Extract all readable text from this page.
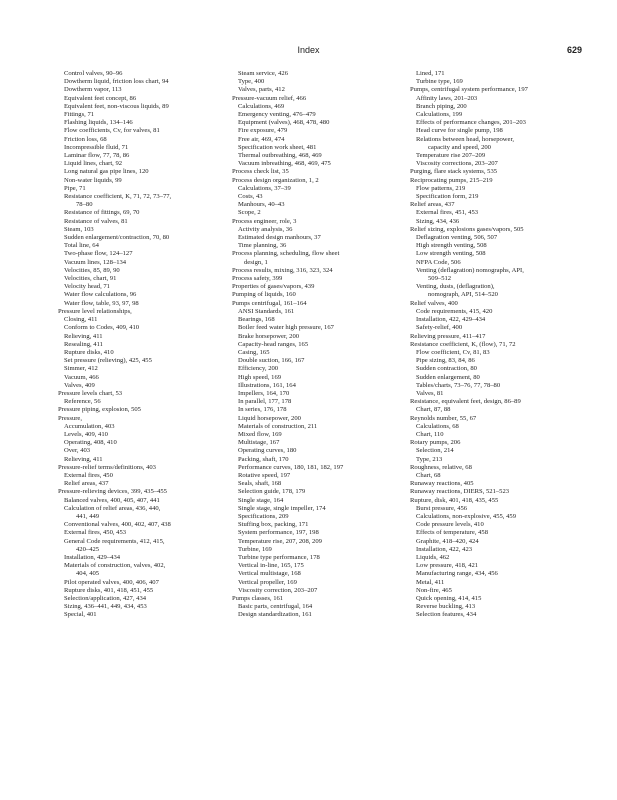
Index	629
Control valves, 90–96
Dowtherm liquid, friction loss chart, 94
Dowtherm vapor, 113
Equivalent feet concept, 86
Equivalent feet, non-viscous liquids, 89
Fittings, 71
Flashing liquids, 134–146
Flow coefficients, Cv, for valves, 81
Friction loss, 68
Incompressible fluid, 71
Laminar flow, 77, 78, 86
Liquid lines, chart, 92
Long natural gas pipe lines, 120
Non-water liquids, 99
Pipe, 71
Resistance coefficient, K, 71, 72, 73–77,
78–80
Resistance of fittings, 69, 70
Resistance of valves, 81
Steam, 103
Sudden enlargement/contraction, 70, 80
Total line, 64
Two-phase flow, 124–127
Vacuum lines, 128–134
Velocities, 85, 89, 90
Velocities, chart, 91
Velocity head, 71
Water flow calculations, 96
Water flow, table, 93, 97, 98
Pressure level relationships,
Closing, 411
Conform to Codes, 409, 410
Relieving, 411
Resealing, 411
Rupture disks, 410
Set pressure (relieving), 425, 455
Simmer, 412
Vacuum, 466
Valves, 409
Pressure levels chart, 53
Reference, 56
Pressure piping, explosion, 505
Pressure,
Accumulation, 403
Levels, 409, 410
Operating, 408, 410
Over, 403
Relieving, 411
Pressure-relief terms/definitions, 403
External fires, 450
Relief areas, 437
Pressure-relieving devices, 399, 435–455
Balanced valves, 400, 405, 407, 441
Calculation of relief areas, 436, 440,
441, 449
Conventional valves, 400, 402, 407, 438
External fires, 450, 453
General Code requirements, 412, 415,
420–425
Installation, 429–434
Materials of construction, valves, 402,
404, 405
Pilot operated valves, 400, 406, 407
Rupture disks, 401, 418, 451, 455
Selection/application, 427, 434
Sizing, 436–441, 449, 434, 453
Special, 401
Steam service, 426
Type, 400
Valves, parts, 412
Pressure-vacuum relief, 466
Calculations, 469
Emergency venting, 476–479
Equipment (valves), 468, 478, 480
Fire exposure, 479
Free air, 469, 474
Specification work sheet, 481
Thermal outbreathing, 468, 469
Vacuum inbreathing, 468, 469, 475
Process check list, 35
Process design organization, 1, 2
Calculations, 37–39
Costs, 43
Manhours, 40–43
Scope, 2
Process engineer, role, 3
Activity analysis, 36
Estimated design manhours, 37
Time planning, 36
Process planning, scheduling, flow sheet
design, 1
Process results, mixing, 316, 323, 324
Process safety, 399
Properties of gases/vapors, 439
Pumping of liquids, 160
Pumps centrifugal, 161–164
ANSI Standards, 161
Bearings, 168
Boiler feed water high pressure, 167
Brake horsepower, 200
Capacity-head ranges, 165
Casing, 165
Double suction, 166, 167
Efficiency, 200
High speed, 169
Illustrations, 161, 164
Impellers, 164, 170
In parallel, 177, 178
In series, 176, 178
Liquid horsepower, 200
Materials of construction, 211
Mixed flow, 169
Multistage, 167
Operating curves, 180
Packing, shaft, 170
Performance curves, 180, 181, 182, 197
Rotative speed, 197
Seals, shaft, 168
Selection guide, 178, 179
Single stage, 164
Single stage, single impeller, 174
Specifications, 209
Stuffing box, packing, 171
System performance, 197, 198
Temperature rise, 207, 208, 209
Turbine, 169
Turbine type performance, 178
Vertical in-line, 165, 175
Vertical multistage, 168
Vertical propeller, 169
Viscosity correction, 203–207
Pumps classes, 161
Basic parts, centrifugal, 164
Design standardization, 161
Lined, 171
Turbine type, 169
Pumps, centrifugal system performance, 197
Affinity laws, 201–203
Branch piping, 200
Calculations, 199
Effects of performance changes, 201–203
Head curve for single pump, 198
Relations between head, horsepower,
capacity and speed, 200
Temperature rise 207–209
Viscosity corrections, 203–207
Purging, flare stack systems, 535
Reciprocating pumps, 215–219
Flow patterns, 219
Specification form, 219
Relief areas, 437
External fires, 451, 453
Sizing, 434, 436
Relief sizing, explosions gases/vapors, 505
Deflagration venting, 506, 507
High strength venting, 508
Low strength venting, 508
NFPA Code, 506
Venting (deflagration) nomographs, API,
509–512
Venting, dusts, (deflagration),
nomograph, API, 514–520
Relief valves, 400
Code requirements, 415, 420
Installation, 422, 429–434
Safety-relief, 400
Relieving pressure, 411–417
Resistance coefficient, K, (flow), 71, 72
Flow coefficient, Cv, 81, 83
Pipe sizing, 83, 84, 86
Sudden contraction, 80
Sudden enlargement, 80
Tables/charts, 73–76, 77, 78–80
Valves, 81
Resistance, equivalent feet, design, 86–89
Chart, 87, 88
Reynolds number, 55, 67
Calculations, 68
Chart, 110
Rotary pumps, 206
Selection, 214
Type, 213
Roughness, relative, 68
Chart, 68
Runaway reactions, 405
Runaway reactions, DIERS, 521–523
Rupture, disk, 401, 418, 435, 455
Burst pressure, 456
Calculations, non-explosive, 455, 459
Code pressure levels, 410
Effects of temperature, 458
Graphite, 418–420, 424
Installation, 422, 423
Liquids, 462
Low pressure, 418, 421
Manufacturing range, 434, 456
Metal, 411
Non-fire, 465
Quick opening, 414, 415
Reverse buckling, 413
Selection features, 434
